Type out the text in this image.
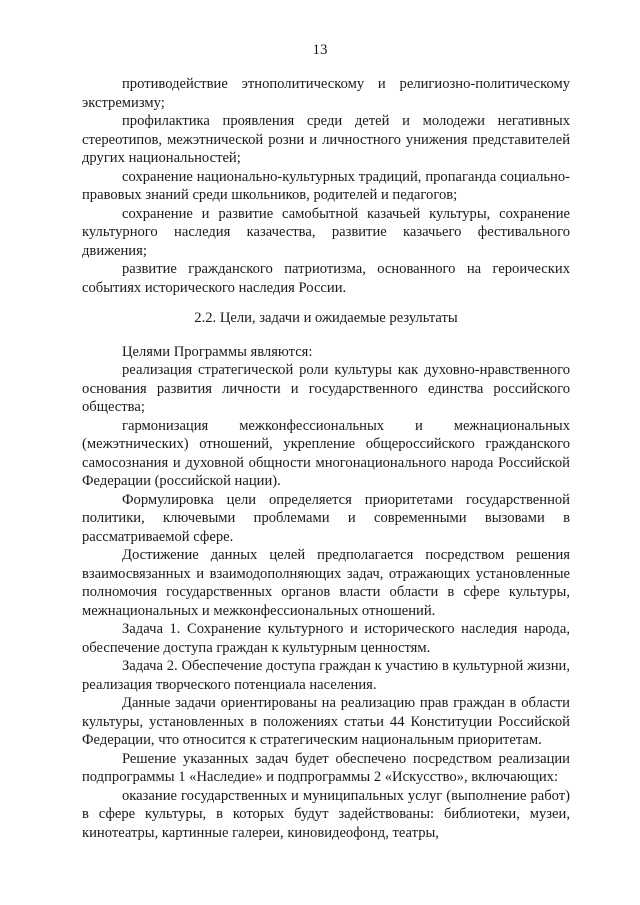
13

противодействие этнополитическому и религиозно-политическому экстремизму;

профилактика проявления среди детей и молодежи негативных стереотипов, межэтнической розни и личностного унижения представителей других национальностей;

сохранение национально-культурных традиций, пропаганда социально-правовых знаний среди школьников, родителей и педагогов;

сохранение и развитие самобытной казачьей культуры, сохранение культурного наследия казачества, развитие казачьего фестивального движения;

развитие гражданского патриотизма, основанного на героических событиях исторического наследия России.

2.2. Цели, задачи и ожидаемые результаты

Целями Программы являются:

реализация стратегической роли культуры как духовно-нравственного основания развития личности и государственного единства российского общества;

гармонизация межконфессиональных и межнациональных (межэтнических) отношений, укрепление общероссийского гражданского самосознания и духовной общности многонационального народа Российской Федерации (российской нации).

Формулировка цели определяется приоритетами государственной политики, ключевыми проблемами и современными вызовами в рассматриваемой сфере.

Достижение данных целей предполагается посредством решения взаимосвязанных и взаимодополняющих задач, отражающих установленные полномочия государственных органов власти области в сфере культуры, межнациональных и межконфессиональных отношений.

Задача 1. Сохранение культурного и исторического наследия народа, обеспечение доступа граждан к культурным ценностям.

Задача 2. Обеспечение доступа граждан к участию в культурной жизни, реализация творческого потенциала населения.

Данные задачи ориентированы на реализацию прав граждан в области культуры, установленных в положениях статьи 44 Конституции Российской Федерации, что относится к стратегическим национальным приоритетам.

Решение указанных задач будет обеспечено посредством реализации подпрограммы 1 «Наследие» и подпрограммы 2 «Искусство», включающих:

оказание государственных и муниципальных услуг (выполнение работ) в сфере культуры, в которых будут задействованы: библиотеки, музеи, кинотеатры, картинные галереи, киновидеофонд, театры,
